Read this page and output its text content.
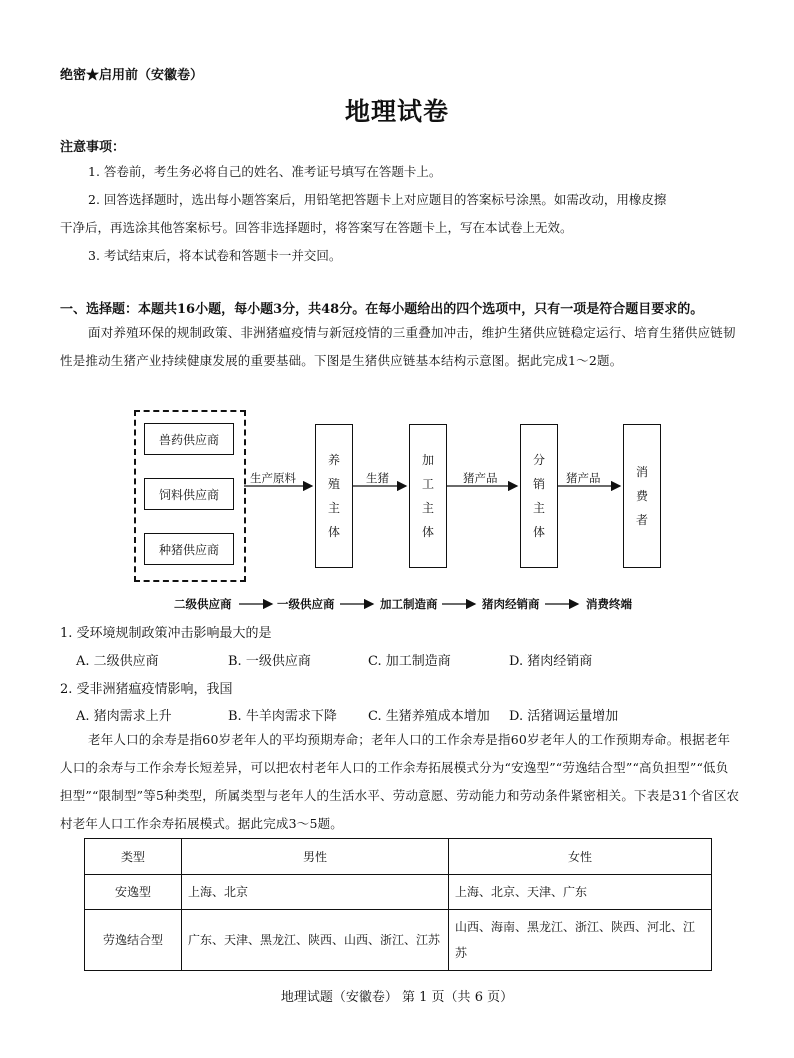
绝密★启用前（安徽卷）
地理试卷
注意事项：
1. 答卷前，考生务必将自己的姓名、准考证号填写在答题卡上。
2. 回答选择题时，选出每小题答案后，用铅笔把答题卡上对应题目的答案标号涂黑。如需改动，用橡皮擦
干净后，再选涂其他答案标号。回答非选择题时，将答案写在答题卡上，写在本试卷上无效。
3. 考试结束后，将本试卷和答题卡一并交回。
一、选择题：本题共16小题，每小题3分，共48分。在每小题给出的四个选项中，只有一项是符合题目要求的。
面对养殖环保的规制政策、非洲猪瘟疫情与新冠疫情的三重叠加冲击，维护生猪供应链稳定运行、培育生猪供应链韧性是推动生猪产业持续健康发展的重要基础。下图是生猪供应链基本结构示意图。据此完成1～2题。
兽药供应商
饲料供应商
种猪供应商
养
殖
主
体
加
工
主
体
分
销
主
体
消
费
者
生产原料	生猪	猪产品	猪产品
二级供应商	一级供应商	加工制造商	猪肉经销商	消费终端
1. 受环境规制政策冲击影响最大的是
A. 二级供应商	B. 一级供应商	C. 加工制造商	D. 猪肉经销商
2. 受非洲猪瘟疫情影响，我国
A. 猪肉需求上升	B. 牛羊肉需求下降 C. 生猪养殖成本增加 D. 活猪调运量增加
老年人口的余寿是指60岁老年人的平均预期寿命；老年人口的工作余寿是指60岁老年人的工作预期寿命。根据老年人口的余寿与工作余寿长短差异，可以把农村老年人口的工作余寿拓展模式分为“安逸型”“劳逸结合型”“高负担型”“低负担型”“限制型”等5种类型，所属类型与老年人的生活水平、劳动意愿、劳动能力和劳动条件紧密相关。下表是31个省区农村老年人口工作余寿拓展模式。据此完成3～5题。
类型	男性	女性
安逸型	上海、北京	上海、北京、天津、广东
劳逸结合型	广东、天津、黑龙江、陕西、山西、浙江、江苏	山西、海南、黑龙江、浙江、陕西、河北、江苏
地理试题（安徽卷） 第 1 页（共 6 页）
